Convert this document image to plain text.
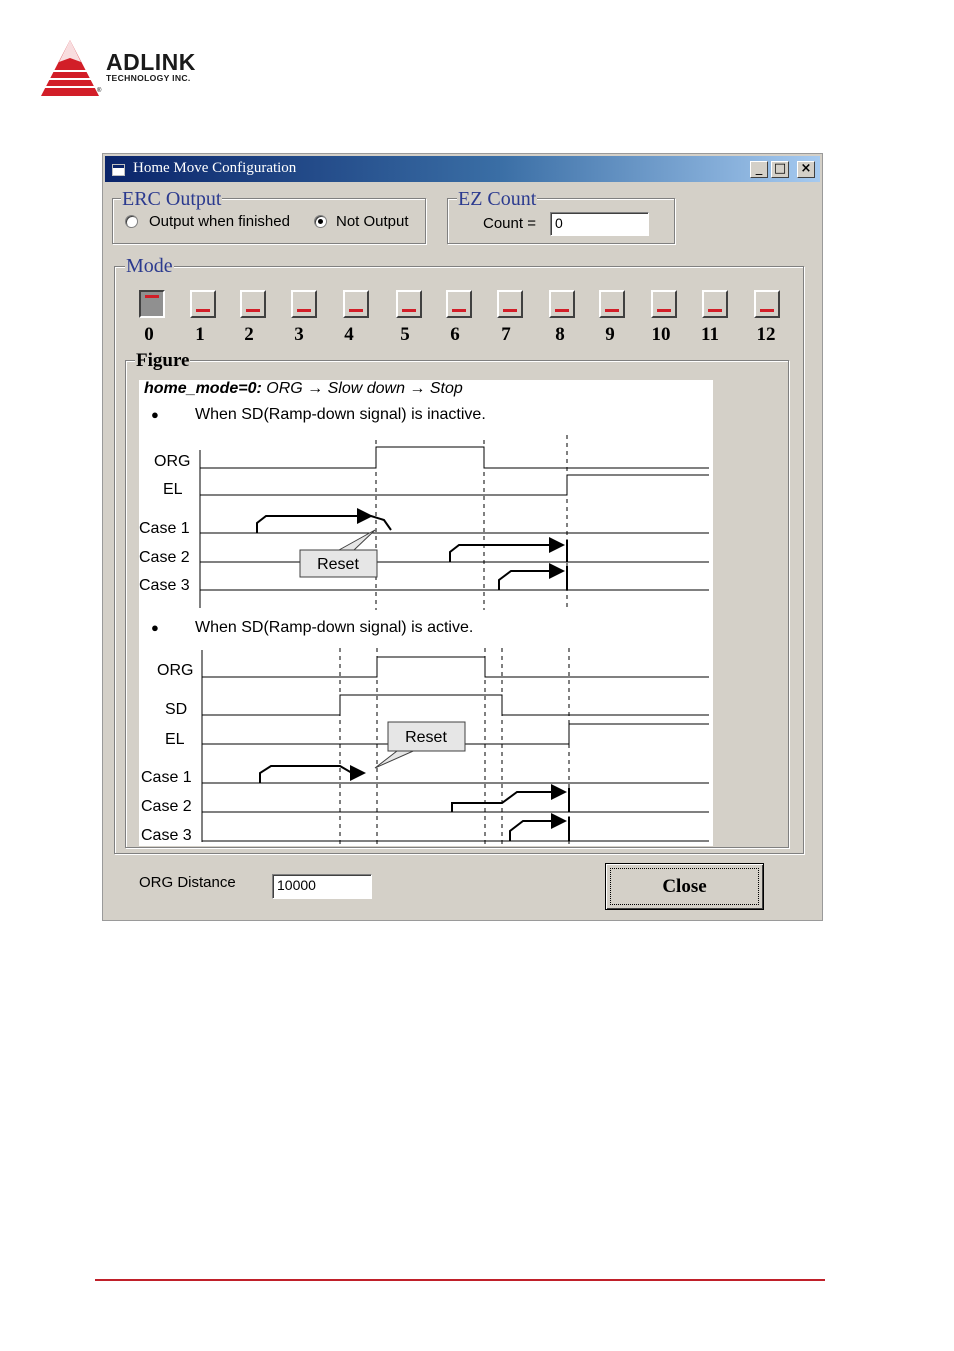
ADLINK
TECHNOLOGY INC.
®
Home Move Configuration	_ □ ×
ERC Output
Output when finished	Not Output
EZ Count
Count =	0
Mode
0	1	2	3	4	5	6	7	8	9	10	11	12
Figure
home_mode=0: ORG → Slow down → Stop
● When SD(Ramp-down signal) is inactive.
● When SD(Ramp-down signal) is active.
ORG
EL
Case 1
Case 2
Case 3
ORG
SD
EL
Case 1
Case 2
Case 3
Reset
Reset
ORG Distance	10000	Close
